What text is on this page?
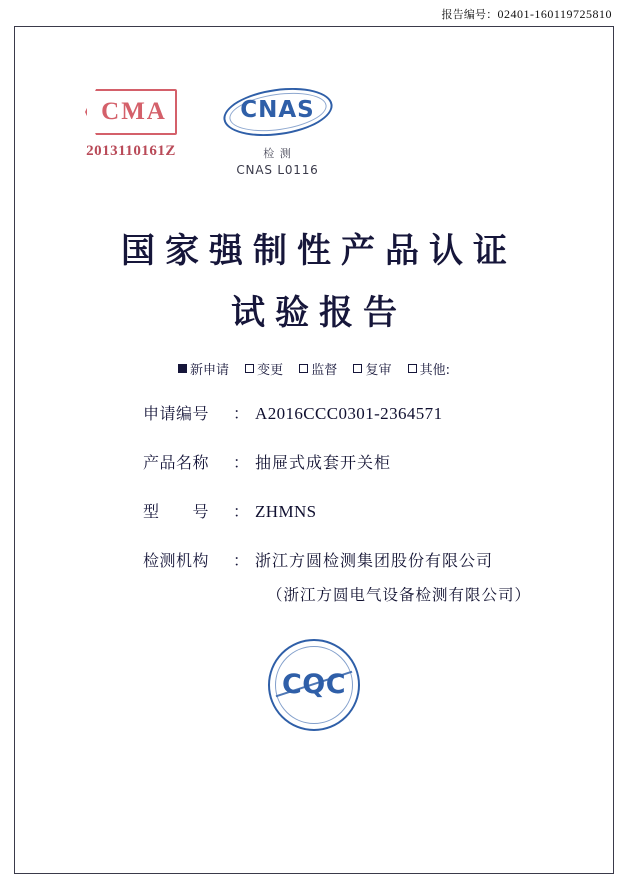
报告编号：02401-160119725810
CMA
2013110161Z
CNAS
检 测
CNAS L0116
国家强制性产品认证
试验报告
新申请 变更 监督 复审 其他:
申请编号	： A2016CCC0301-2364571
产品名称	： 抽屉式成套开关柜
型　　号	： ZHMNS
检测机构	： 浙江方圆检测集团股份有限公司
（浙江方圆电气设备检测有限公司）
CQC
